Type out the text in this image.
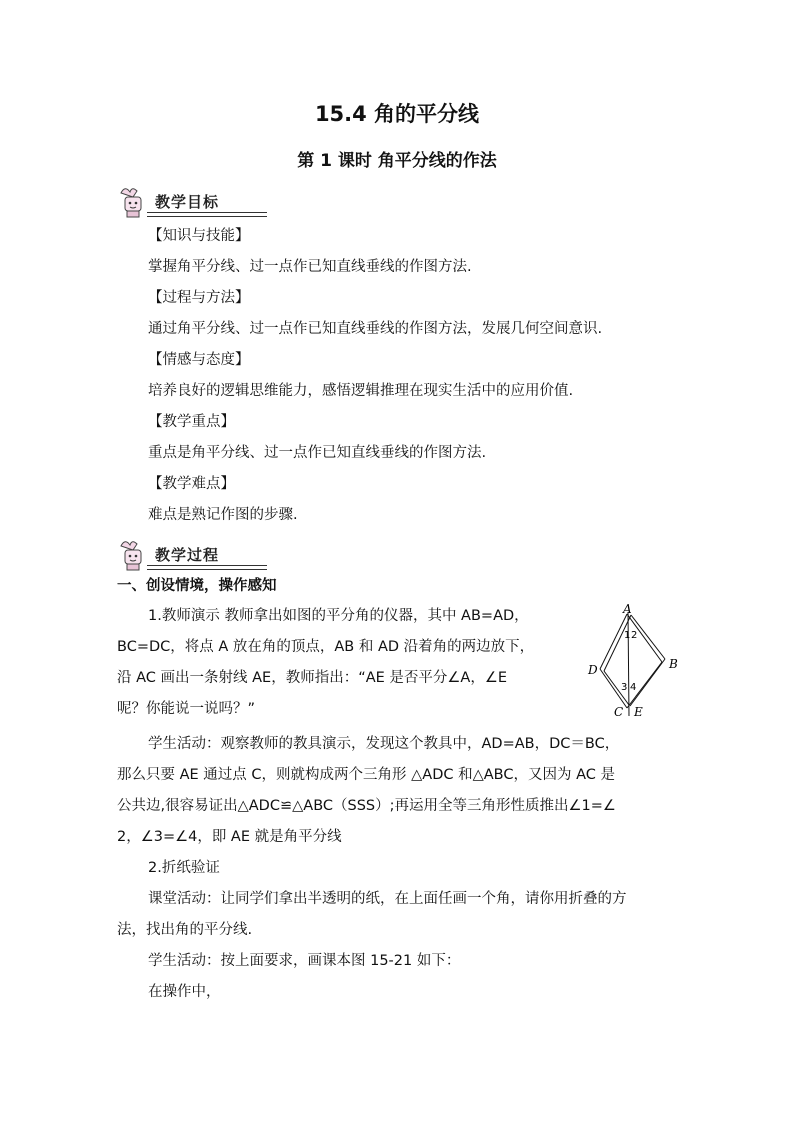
15.4 角的平分线
第 1 课时 角平分线的作法
教学目标
【知识与技能】
掌握角平分线、过一点作已知直线垂线的作图方法.
【过程与方法】
通过角平分线、过一点作已知直线垂线的作图方法，发展几何空间意识.
【情感与态度】
培养良好的逻辑思维能力，感悟逻辑推理在现实生活中的应用价值.
【教学重点】
重点是角平分线、过一点作已知直线垂线的作图方法.
【教学难点】
难点是熟记作图的步骤.
教学过程
一、创设情境，操作感知
1.教师演示 教师拿出如图的平分角的仪器，其中 AB=AD，
BC=DC，将点 A 放在角的顶点，AB 和 AD 沿着角的两边放下，
沿 AC 画出一条射线 AE，教师指出：“AE 是否平分∠A，∠E
呢？你能说一说吗？”
A
B
C
D
E
1 2
3 4
学生活动：观察教师的教具演示，发现这个教具中，AD=AB，DC＝BC，
那么只要 AE 通过点 C，则就构成两个三角形 △ADC 和△ABC，又因为 AC 是
公共边,很容易证出△ADC≌△ABC（SSS）;再运用全等三角形性质推出∠1=∠
2，∠3=∠4，即 AE 就是角平分线
2.折纸验证
课堂活动：让同学们拿出半透明的纸，在上面任画一个角，请你用折叠的方
法，找出角的平分线.
学生活动：按上面要求，画课本图 15-21 如下：
在操作中，
